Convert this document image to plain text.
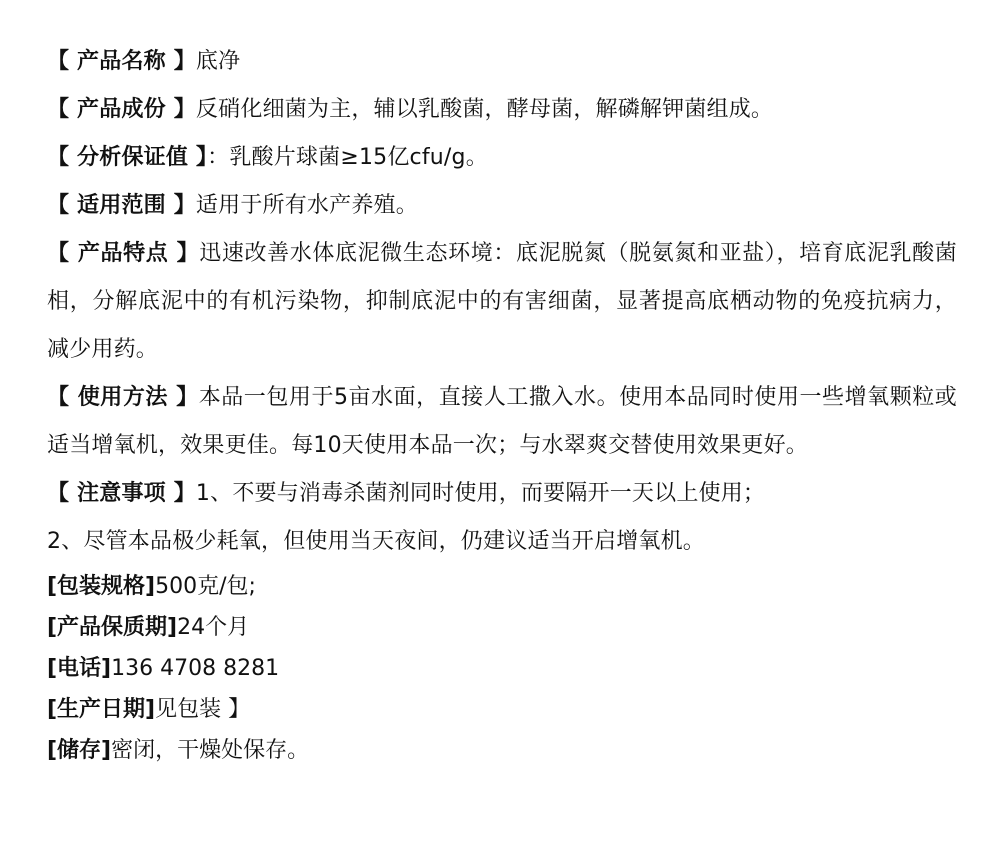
【 产品名称 】底净

【 产品成份 】反硝化细菌为主，辅以乳酸菌，酵母菌，解磷解钾菌组成。

【 分析保证值 】：乳酸片球菌≥15亿cfu/g。

【 适用范围 】适用于所有水产养殖。

【 产品特点 】迅速改善水体底泥微生态环境：底泥脱氮（脱氨氮和亚盐），培育底泥乳酸菌相，分解底泥中的有机污染物，抑制底泥中的有害细菌，显著提高底栖动物的免疫抗病力，减少用药。

【 使用方法 】本品一包用于5亩水面，直接人工撒入水。使用本品同时使用一些增氧颗粒或适当增氧机，效果更佳。每10天使用本品一次；与水翠爽交替使用效果更好。

【 注意事项 】1、不要与消毒杀菌剂同时使用，而要隔开一天以上使用；

2、尽管本品极少耗氧，但使用当天夜间，仍建议适当开启增氧机。

[包装规格]500克/包;

[产品保质期]24个月

[电话]136 4708 8281

[生产日期]见包装 】

[储存]密闭，干燥处保存。
